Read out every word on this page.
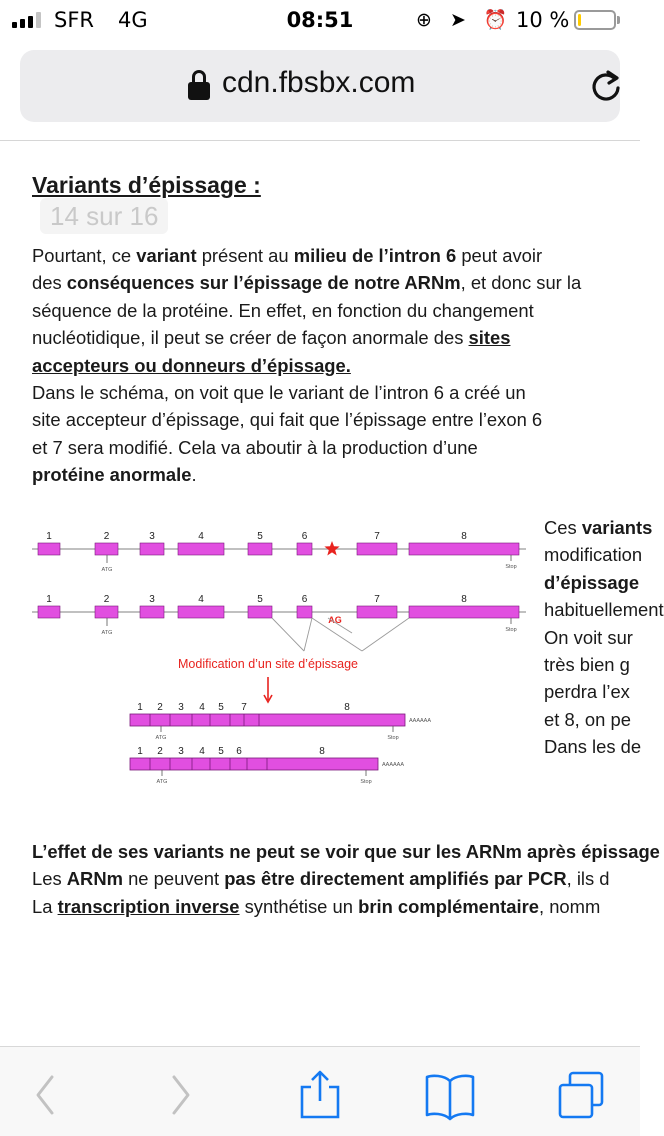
SFR 4G	08:51	⊕ ➤ ⏰ 10 %
cdn.fbsbx.com
Variants d’épissage :
14 sur 16
Pourtant, ce variant présent au milieu de l’intron 6 peut avoir
des conséquences sur l’épissage de notre ARNm, et donc sur la
séquence de la protéine. En effet, en fonction du changement
nucléotidique, il peut se créer de façon anormale des sites
accepteurs ou donneurs d’épissage.
Dans le schéma, on voit que le variant de l’intron 6 a créé un
site accepteur d’épissage, qui fait que l’épissage entre l’exon 6
et 7 sera modifié. Cela va aboutir à la production d’une
protéine anormale.
1	2	3	4	5	6	7	8
ATG	Stop
1	2	3	4	5	6	7	8
ATG	Stop
AG
Modification d’un site d’épissage
1 2 3 4 5 7	8
ATG	Stop
AAAAAA
1 2 3 4 5 6	8
ATG	Stop
AAAAAA
Ces variants
modification
d’épissage
habituellement
On voit sur
très bien g
perdra l’ex
et 8, on pe
Dans les de
L’effet de ses variants ne peut se voir que sur les ARNm après épissage
Les ARNm ne peuvent pas être directement amplifiés par PCR, ils d
La transcription inverse synthétise un brin complémentaire, nomm
